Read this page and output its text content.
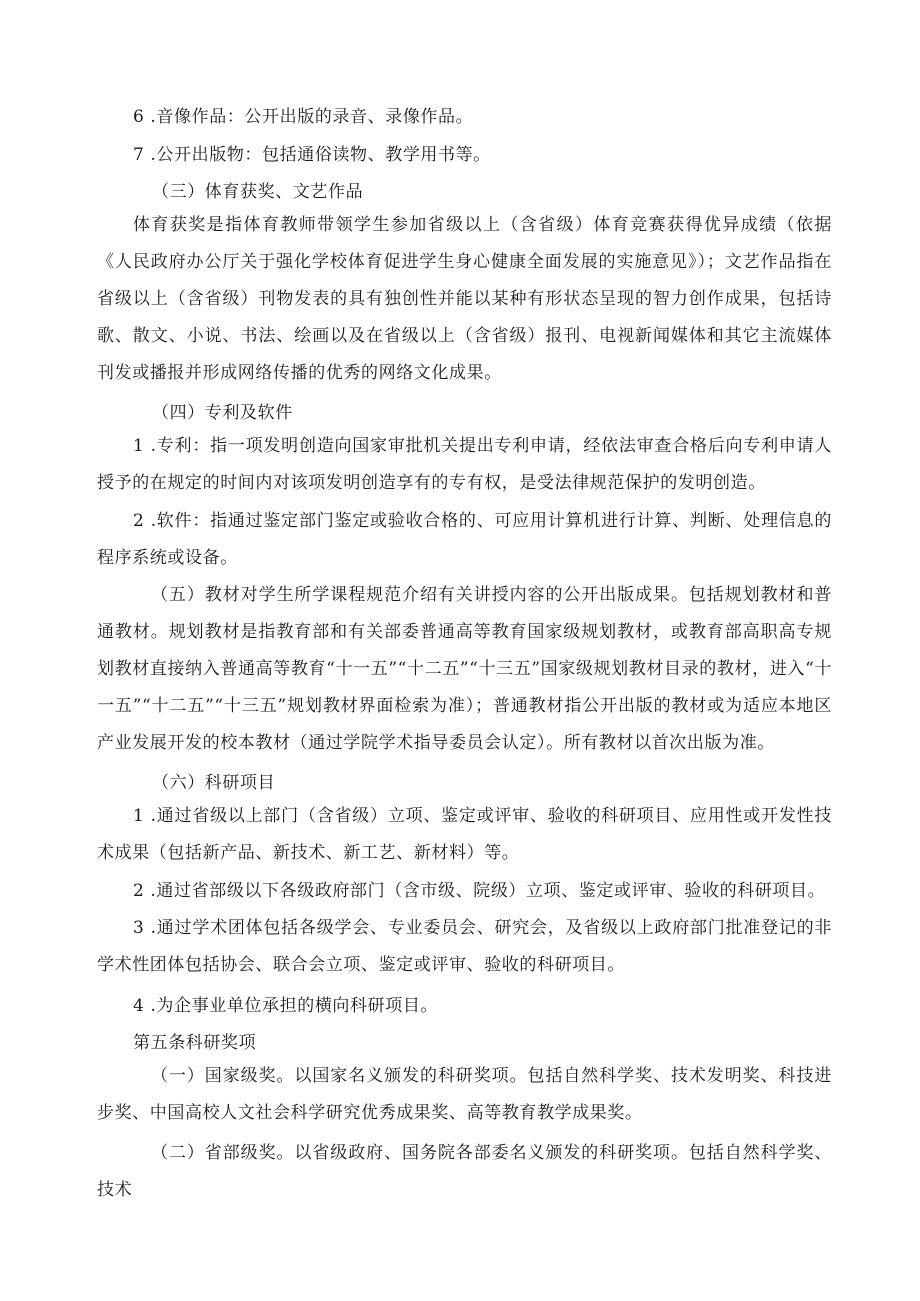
6 .音像作品：公开出版的录音、录像作品。
7 .公开出版物：包括通俗读物、教学用书等。
（三）体育获奖、文艺作品
体育获奖是指体育教师带领学生参加省级以上（含省级）体育竞赛获得优异成绩（依据《人民政府办公厅关于强化学校体育促进学生身心健康全面发展的实施意见》）；文艺作品指在省级以上（含省级）刊物发表的具有独创性并能以某种有形状态呈现的智力创作成果，包括诗歌、散文、小说、书法、绘画以及在省级以上（含省级）报刊、电视新闻媒体和其它主流媒体刊发或播报并形成网络传播的优秀的网络文化成果。
（四）专利及软件
1 .专利：指一项发明创造向国家审批机关提出专利申请，经依法审查合格后向专利申请人授予的在规定的时间内对该项发明创造享有的专有权，是受法律规范保护的发明创造。
2 .软件：指通过鉴定部门鉴定或验收合格的、可应用计算机进行计算、判断、处理信息的程序系统或设备。
（五）教材对学生所学课程规范介绍有关讲授内容的公开出版成果。包括规划教材和普通教材。规划教材是指教育部和有关部委普通高等教育国家级规划教材，或教育部高职高专规划教材直接纳入普通高等教育“十一五”“十二五”“十三五”国家级规划教材目录的教材，进入“十一五”“十二五”“十三五”规划教材界面检索为准）；普通教材指公开出版的教材或为适应本地区产业发展开发的校本教材（通过学院学术指导委员会认定）。所有教材以首次出版为准。
（六）科研项目
1 .通过省级以上部门（含省级）立项、鉴定或评审、验收的科研项目、应用性或开发性技术成果（包括新产品、新技术、新工艺、新材料）等。
2 .通过省部级以下各级政府部门（含市级、院级）立项、鉴定或评审、验收的科研项目。
3 .通过学术团体包括各级学会、专业委员会、研究会，及省级以上政府部门批准登记的非学术性团体包括协会、联合会立项、鉴定或评审、验收的科研项目。
4 .为企事业单位承担的横向科研项目。
第五条科研奖项
（一）国家级奖。以国家名义颁发的科研奖项。包括自然科学奖、技术发明奖、科技进步奖、中国高校人文社会科学研究优秀成果奖、高等教育教学成果奖。
（二）省部级奖。以省级政府、国务院各部委名义颁发的科研奖项。包括自然科学奖、技术
